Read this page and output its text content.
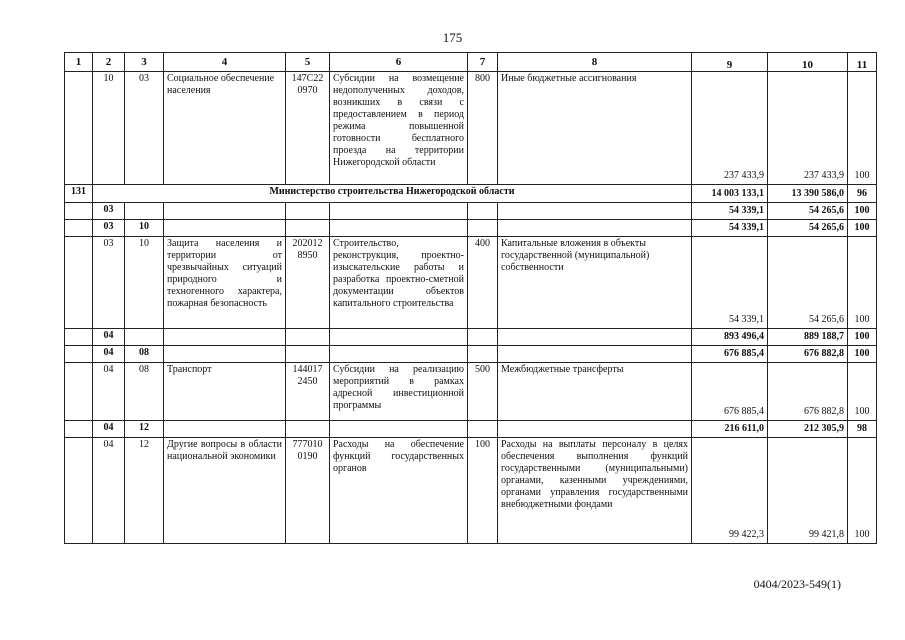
175
1	2	3	4	5	6	7	8	9	10	11
	10	03	Социальное обеспечение населения	147С22 0970	Субсидии на возмещение недополученных доходов, возникших в связи с предоставлением в период режима повышенной готовности бесплатного проезда на территории Нижегородской области	800	Иные бюджетные ассигнования	237 433,9	237 433,9	100
131	Министерство строительства Нижегородской области							14 003 133,1	13 390 586,0	96
	03							54 339,1	54 265,6	100
	03	10						54 339,1	54 265,6	100
	03	10	Защита населения и территории от чрезвычайных ситуаций природного и техногенного характера, пожарная безопасность	202012 8950	Строительство, реконструкция, проектно-изыскательские работы и разработка проектно-сметной документации объектов капитального строительства	400	Капитальные вложения в объекты государственной (муниципальной) собственности	54 339,1	54 265,6	100
	04							893 496,4	889 188,7	100
	04	08						676 885,4	676 882,8	100
	04	08	Транспорт	144017 2450	Субсидии на реализацию мероприятий в рамках адресной инвестиционной программы	500	Межбюджетные трансферты	676 885,4	676 882,8	100
	04	12						216 611,0	212 305,9	98
	04	12	Другие вопросы в области национальной экономики	777010 0190	Расходы на обеспечение функций государственных органов	100	Расходы на выплаты персоналу в целях обеспечения выполнения функций государственными (муниципальными) органами, казенными учреждениями, органами управления государственными внебюджетными фондами	99 422,3	99 421,8	100
0404/2023-549(1)
